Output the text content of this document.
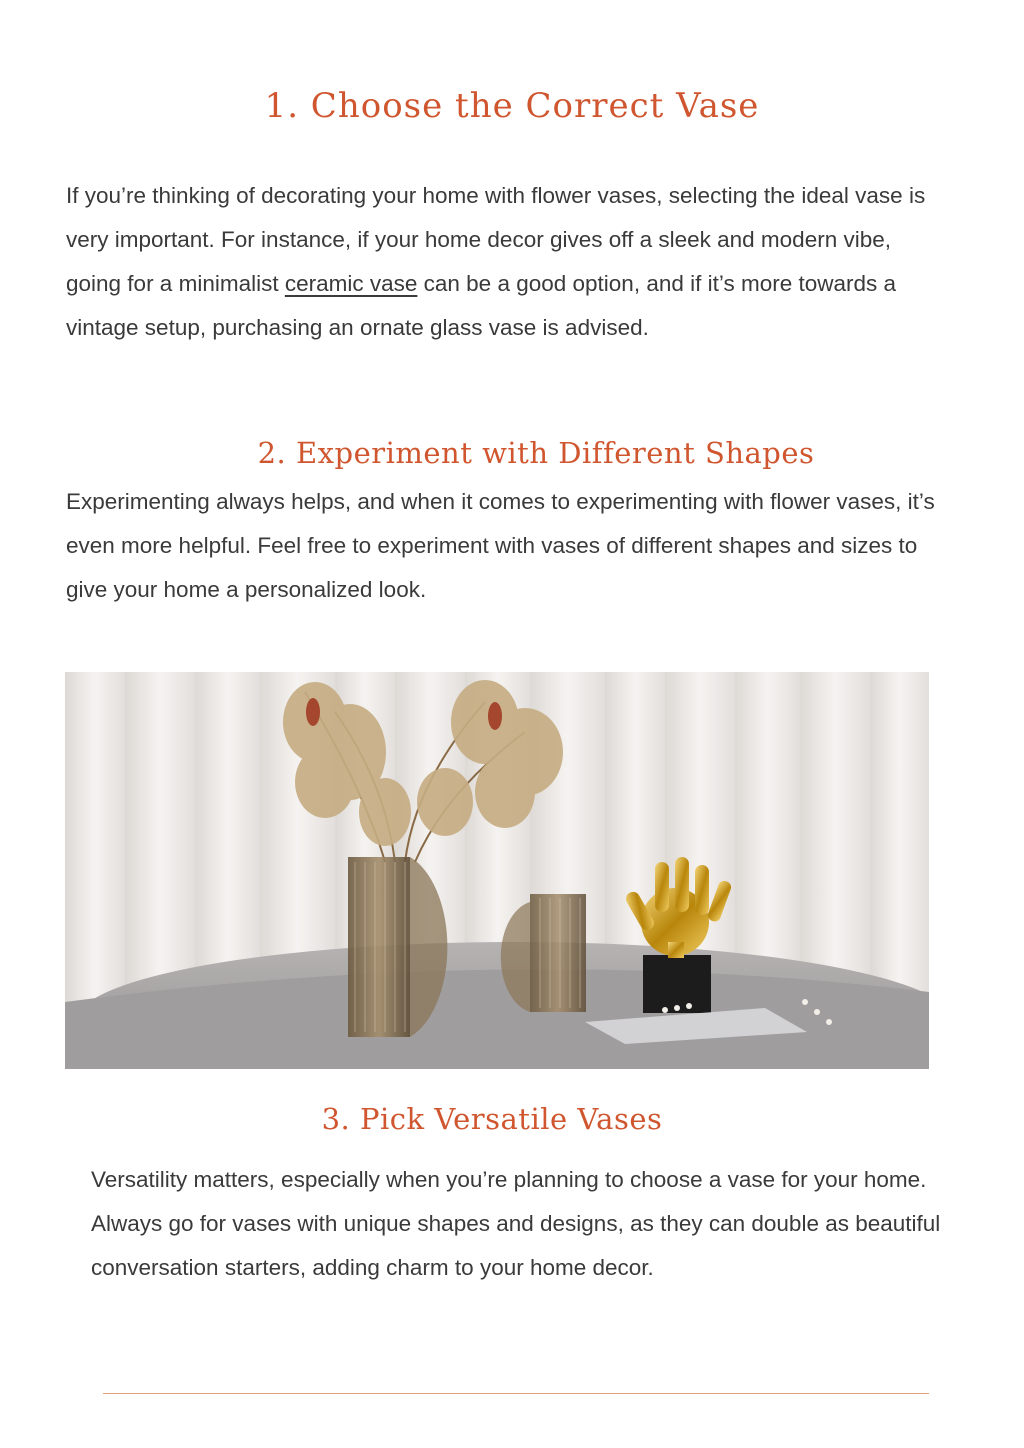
1. Choose the Correct Vase

If you’re thinking of decorating your home with flower vases, selecting the ideal vase is very important. For instance, if your home decor gives off a sleek and modern vibe, going for a minimalist ceramic vase can be a good option, and if it’s more towards a vintage setup, purchasing an ornate glass vase is advised.

2. Experiment with Different Shapes

Experimenting always helps, and when it comes to experimenting with flower vases, it’s even more helpful. Feel free to experiment with vases of different shapes and sizes to give your home a personalized look.

3. Pick Versatile Vases

Versatility matters, especially when you’re planning to choose a vase for your home. Always go for vases with unique shapes and designs, as they can double as beautiful conversation starters, adding charm to your home decor.
